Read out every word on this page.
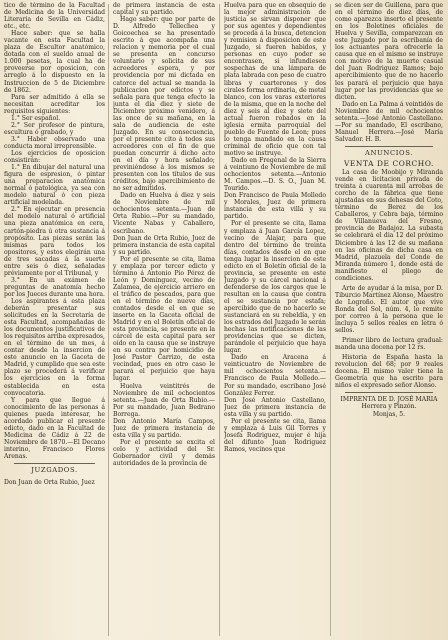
tico de término de la Facultad de Medicina de la Universidad Literaria de Sevilla en Cádiz, etc., etc.

Hace saber: que se halla vacante en esta Facultad la plaza de Escultor anatómico, dotada con el sueldo anual de 1.000 pesetas, la cual ha de proveerse por oposicion, con arreglo á lo dispuesto en la Instruccion de 5 de Diciembre de 1862.

Para ser admitido á ella se necesitan acreditar los requisitos siguientes:

1.° Ser español.

2.° Ser profesor de pintura, escultura ó grabado, y

3.° Haber observado una conducta moral irreprensible.

Los ejercicios de oposicion consistirán:

1.° En dibujar del natural una figura de espresion, ó pintar una preparacion anatómica normal ó patológica, ya sea con modelo natural ó con pieza artificial modelada.

2.° En ejecutar en presencia del modelo natural ó artificial una pieza anatómica en cera, cartón-piedra ú otra sustancia á propósito. Las piezas serán las mismas para todos los opositores, y estos elegirán una de tres sacadas á la suerte entre seis ó diez, señaladas préviamente por el Tribunal, y

3.° En un exámen de preguntas de anatomía hecho por los Jueces durante una hora.

Los aspirantes á esta plaza deberán presentar sus solicitudes en la Secretaría de esta Facultad, acompañadas de los documentos justificativos de los requisitos arriba expresados, en el término de un mes, á contar desde la insercion de este anuncio en la Gaceta de Madrid, y cumplido que sea este plazo se procederá á verificar los ejercicios en la forma establecida en esta convocatoria.

Y para que llegue á conocimiento de las personas á quienes pueda interesar, he acordado publicar el presente edicto, dado en la Facultad de Medicina de Cádiz á 22 de Noviembre de 1870.—El Decano interino, Francisco Flores Arenas.

JUZGADOS.

Don Juan de Orta Rubio, Juez

de primera instancia de esta capital y su partido.

Hago saber: que por parte de D. Alfredo Tellechea y Goicoechea se ha presentado escrito á que acompaña una relacion y memoria por el cual se presenta en concurso voluntario y solicita de sus acreedores espera, y por providencia por mi dictada en catorce del actual se manda la publicacion por edictos y se señala para que tenga efecto la junta el día diez y siete de Diciembre próximo venidero, á las once de su mañana, en la sala de audiencia de este Juzgado. En su consecuencia, por el presente cito á todos sus acreedores con el fin de que puedan concurrir á dicho acto en el día y hora señalado; previniéndose á los mismos se presenten con los títulos de sus créditos, bajo apercibimiento de no ser admitidos.

Dado en Huelva á diez y seis de Noviembre de mil ochocientos setenta.—Juan de Orta Rubio.—Por su mandado, Vicente Nabas y Caballero, escribano.

Don Juan de Orta Rubio, Juez de primera instancia de esta capital y su partido.

Por el presente se cita, llama y emplaza por tercer edicto y término á Antonio Pío Pérez de León y Domínguez, vecino de Zalamea, de ejercicio arriero en el tráfico de pescados, para que en el término de nueve días, contados desde el en que se inserte en la Gaceta oficial de Madrid y en el Boletín oficial de esta provincia, se presente en la cárcel de esta capital para ser oído en la causa que se instruye en su contra por homicidio de José Pastor Carrizo, de esta vecindad, pues en otro caso le parará el perjuicio que haya lugar.

Huelva veintitrés de Noviembre de mil ochocientos setenta.—Juan de Orta Rubio.—Por su mandado, Juan Bedrano Borrega.

Don Antonio María Campos, Juez de primera instancia de esta villa y su partido.

Por el presente se excita el celo y actividad del Sr. Gobernador civil y demás autoridades de la provincia de

Huelva para que en obsequio de la mejor administracion de justicia se sirvan disponer que por sus agentes y dependientes se proceda á la busca, detencion y remision á disposicion de este Juzgado, si fueren habidos, y personas en cuyo poder se encontrasen, si infundiesen sospechas de una lámpara de plata labrada con peso de cuatro libras y cuarterones y dos cirales forma ordinaria, de metal blanco, con los varas exteriores de la misma, que en la noche del diez y seis al diez y siete del actual fueron robados en la iglesia ermita parroquial del pueblo de Fuente de Leon; pues lo tenga mandado en la causa criminal de oficio que con tal motivo se instruye.

Dado en Fregenal de la Sierra á veintiuno de Noviembre de mil ochocientos setenta.—Antonio M. Campos.—D. S. O., Juan M. Tourido.

Don Francisco de Paula Molledo y Morales, Juez de primera instancia de esta villa y su partido.

Por el presente se cita, llama y emplaza á Juan García Lopez, vecino de Alajar, para que dentro del término de treinta días, contados desde el en que tenga lugar la insercion de este edicto en el Boletín oficial de la provincia, se presente en este Juzgado y su cárcel nacional á defenderse de los cargos que le resultan en la causa que contra el se sustancia por estafa; apercibido que de no hacerlo se sustanciará en su rebeldía, y en los estrados del Juzgado le serán hechas las notificaciones de las providencias que se dicten, parándole el perjuicio que haya lugar.

Dado en Aracena á veinticuatro de Noviembre de mil ochocientos setenta.—Francisco de Paula Molledo.—Por su mandado, escribano José González Ferrer.

Don José Antonio Castellano, Juez de primera instancia de esta villa y su partido.

Por el presente se cita, llama y emplaza á Luis Gil Torres y Josefa Rodriguez, mujer é hija del difunto Juan Rodriguez Ramos, vecinos que

se dicen ser de Guillena, para que en el término de diez días, de como aparezca inserto el presente en los Boletines oficiales de Huelva y Sevilla, comparezcan en este Juzgado por la escribanía de los actuantes para ofrecerle la causa que en el mismo se instruye con motivo de la muerte casual del Juan Rodriguez Ramos; bajo apercibimiento que de no hacerlo les parará el perjuicio que haya lugar por las providencias que se dicten.

Dado en La Palma á veintidós de Noviembre de mil ochocientos setenta.—José Antonio Castellano.—Por su mandado, El escribano, Manuel Herrera.—José María Salvador. H. B.

ANUNCIOS.
VENTA DE CORCHO.

La casa de Moobijo y Miranda vende en licitacion privada de treinta á cuarenta mil arrobas de corcho de la fábrica que tiene ajustadas en sus dehesas del Coto, término de Berez de los Caballeros, y Cebra baja, término de Villanueva del Fresno, provincia de Badajoz. La subasta se celebrará el dia 12 del próximo Diciembre á las 12 de su mañana en las oficinas de dicha casa en Madrid, plazuela del Conde de Miranda número 1, donde está de manifiesto el pliego de condiciones.

Arte de ayudar á la misa, por D. Tiburcio Martínez Alonso, Maestro de Logroño. El autor que vive Ronda del Sol, núm. 4, lo remite por correo á la persona que le incluya 5 sellos reales en letra ó sellos.

Primer libro de lectura gradual: manda una docena por 12 rs.

Historia de España hasta la revolucion del 68; por 9 reales docena. El mismo valer tiene la Geometría que ha escrito para niños el expresado señor Alonso.

IMPRENTA DE D. JOSÉ MARIA Herrera y Pinzón.

Monjas, 5.
